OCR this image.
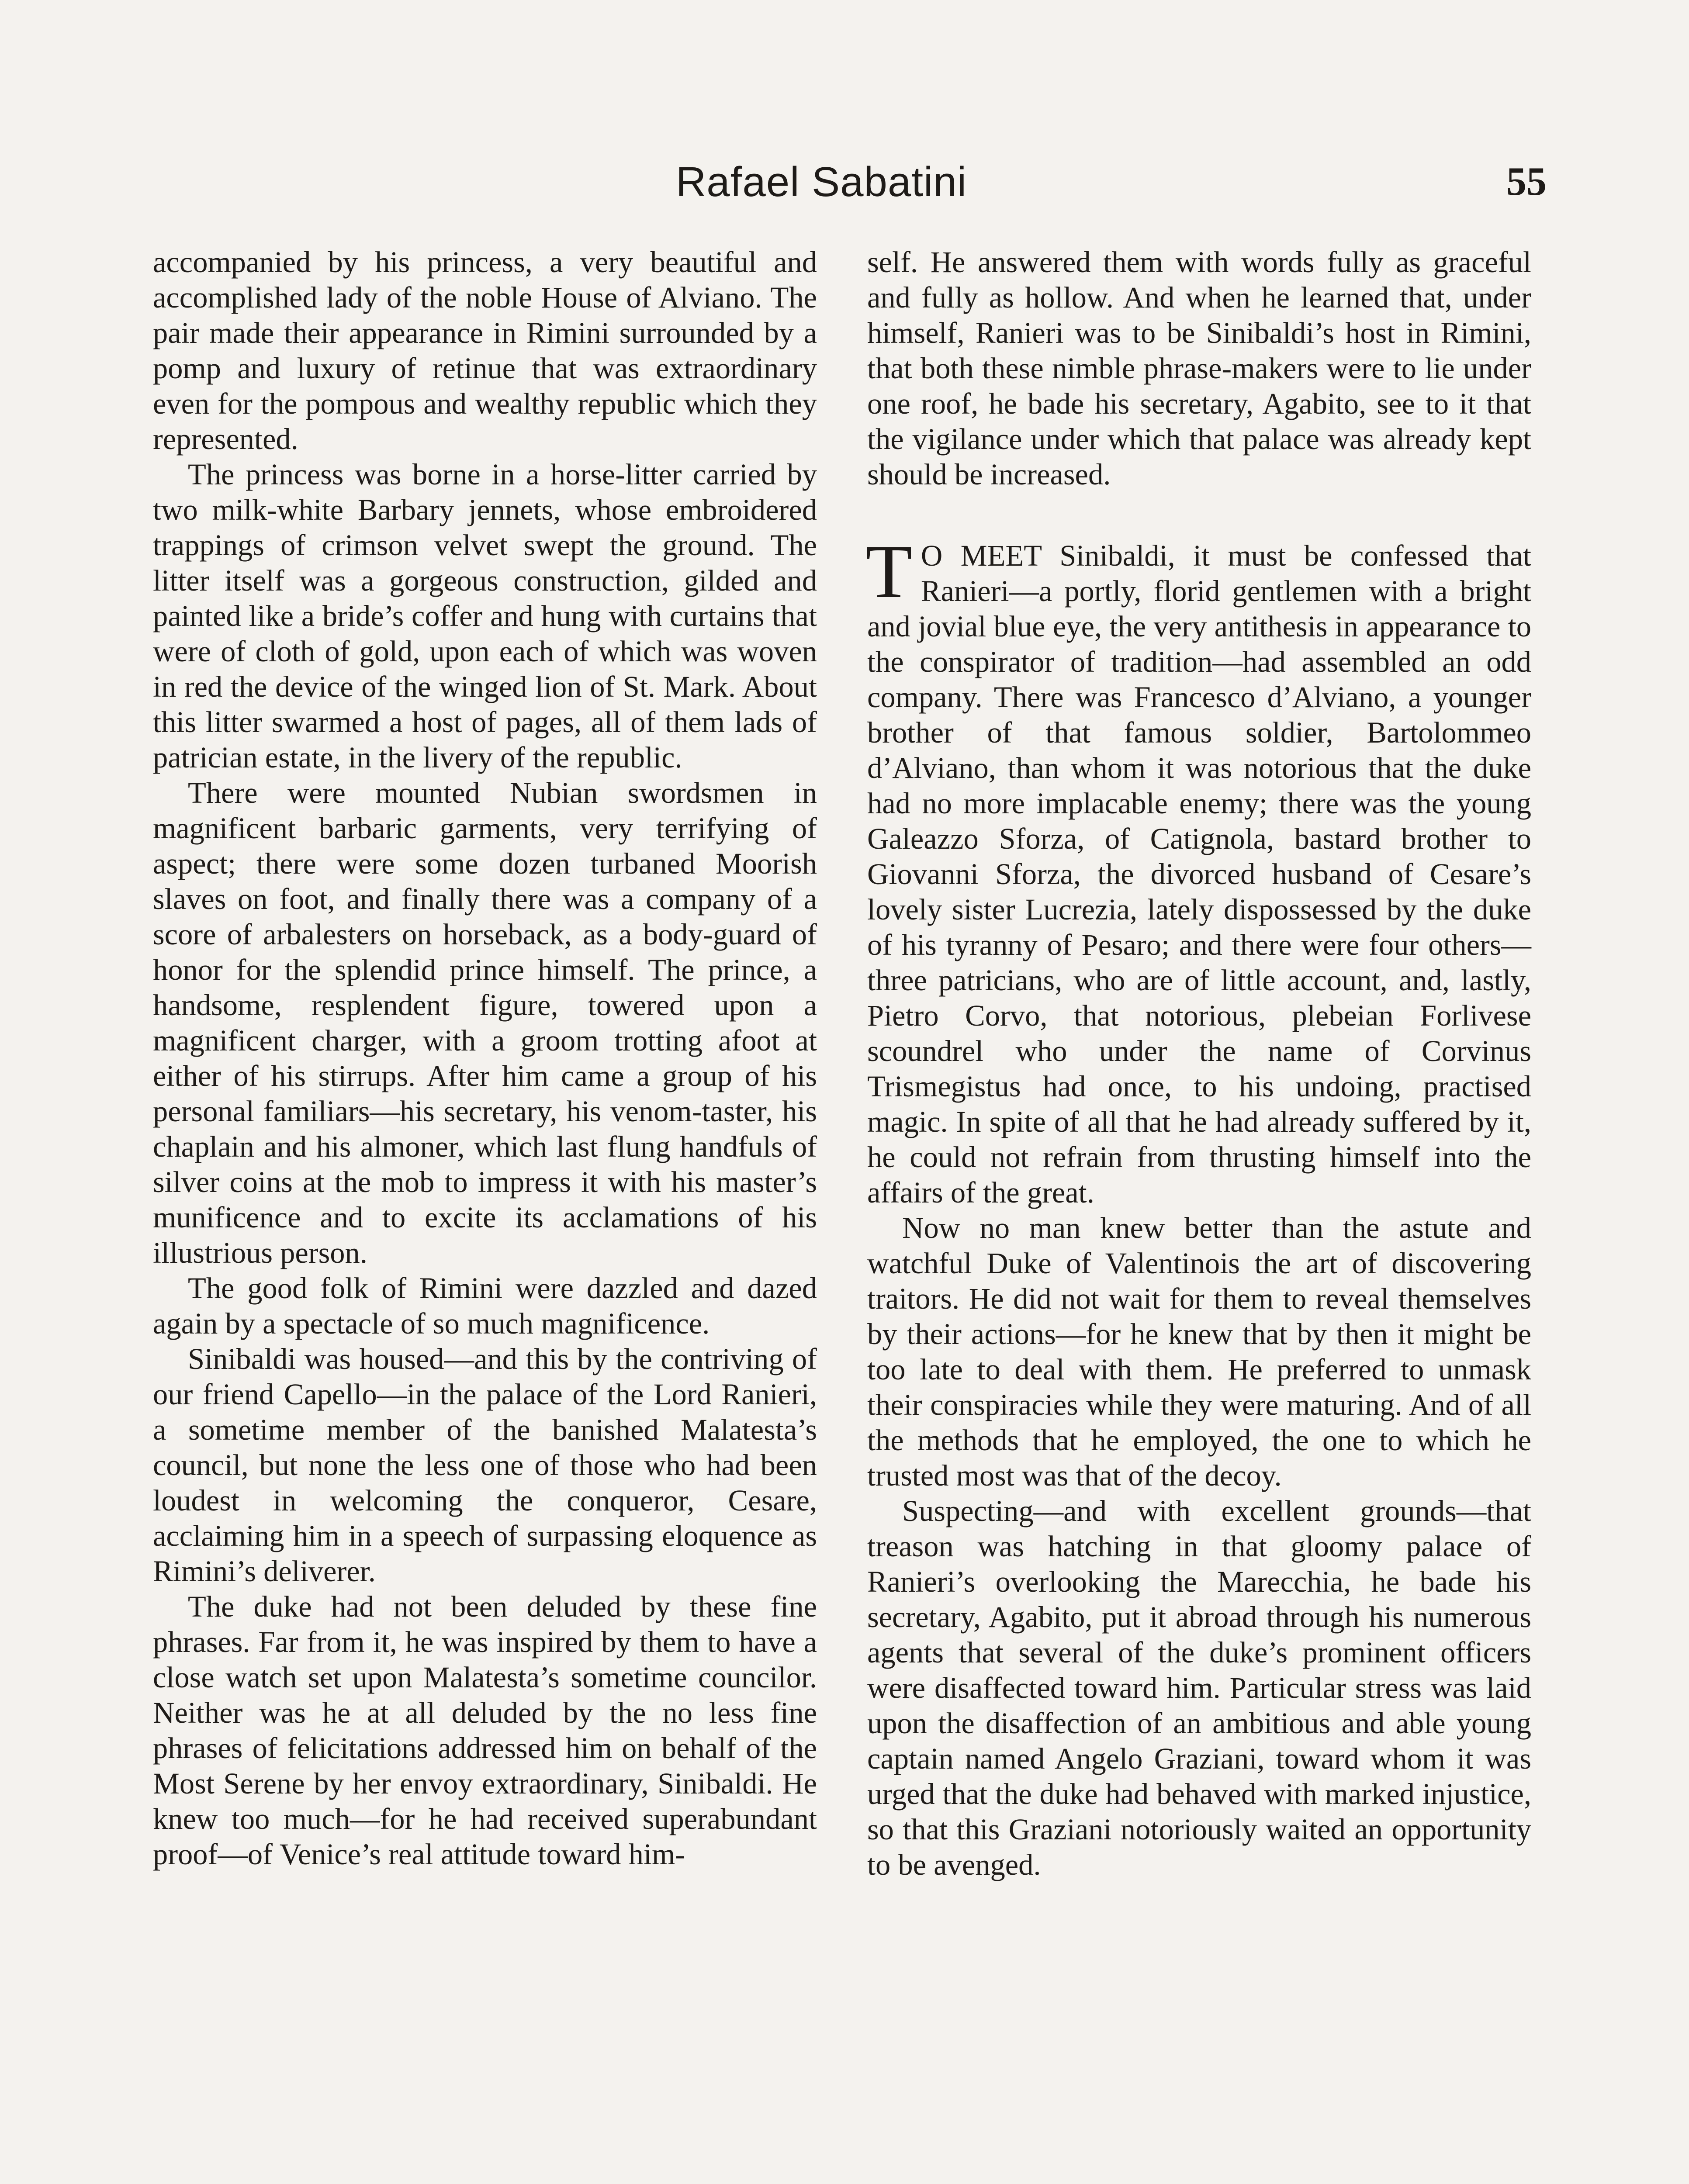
Rafael Sabatini	55

accompanied by his princess, a very beautiful and accomplished lady of the noble House of Alviano. The pair made their appearance in Rimini surrounded by a pomp and luxury of retinue that was extraordinary even for the pompous and wealthy republic which they represented.

The princess was borne in a horse-litter carried by two milk-white Barbary jennets, whose embroidered trappings of crimson velvet swept the ground. The litter itself was a gorgeous construction, gilded and painted like a bride’s coffer and hung with curtains that were of cloth of gold, upon each of which was woven in red the device of the winged lion of St. Mark. About this litter swarmed a host of pages, all of them lads of patrician estate, in the livery of the republic.

There were mounted Nubian swordsmen in magnificent barbaric garments, very terrifying of aspect; there were some dozen turbaned Moorish slaves on foot, and finally there was a company of a score of arbalesters on horseback, as a body-guard of honor for the splendid prince himself. The prince, a handsome, resplendent figure, towered upon a magnificent charger, with a groom trotting afoot at either of his stirrups. After him came a group of his personal familiars—his secretary, his venom-taster, his chaplain and his almoner, which last flung handfuls of silver coins at the mob to impress it with his master’s munificence and to excite its acclamations of his illustrious person.

The good folk of Rimini were dazzled and dazed again by a spectacle of so much magnificence.

Sinibaldi was housed—and this by the contriving of our friend Capello—in the palace of the Lord Ranieri, a sometime member of the banished Malatesta’s council, but none the less one of those who had been loudest in welcoming the conqueror, Cesare, acclaiming him in a speech of surpassing eloquence as Rimini’s deliverer.

The duke had not been deluded by these fine phrases. Far from it, he was inspired by them to have a close watch set upon Malatesta’s sometime councilor. Neither was he at all deluded by the no less fine phrases of felicitations addressed him on behalf of the Most Serene by her envoy extraordinary, Sinibaldi. He knew too much—for he had received superabundant proof—of Venice’s real attitude toward him-

self. He answered them with words fully as graceful and fully as hollow. And when he learned that, under himself, Ranieri was to be Sinibaldi’s host in Rimini, that both these nimble phrase-makers were to lie under one roof, he bade his secretary, Agabito, see to it that the vigilance under which that palace was already kept should be increased.

T O MEET Sinibaldi, it must be confessed that Ranieri—a portly, florid gentlemen with a bright and jovial blue eye, the very antithesis in appearance to the conspirator of tradition—had assembled an odd company. There was Francesco d’Alviano, a younger brother of that famous soldier, Bartolommeo d’Alviano, than whom it was notorious that the duke had no more implacable enemy; there was the young Galeazzo Sforza, of Catignola, bastard brother to Giovanni Sforza, the divorced husband of Cesare’s lovely sister Lucrezia, lately dispossessed by the duke of his tyranny of Pesaro; and there were four others—three patricians, who are of little account, and, lastly, Pietro Corvo, that notorious, plebeian Forlivese scoundrel who under the name of Corvinus Trismegistus had once, to his undoing, practised magic. In spite of all that he had already suffered by it, he could not refrain from thrusting himself into the affairs of the great.

Now no man knew better than the astute and watchful Duke of Valentinois the art of discovering traitors. He did not wait for them to reveal themselves by their actions—for he knew that by then it might be too late to deal with them. He preferred to unmask their conspiracies while they were maturing. And of all the methods that he employed, the one to which he trusted most was that of the decoy.

Suspecting—and with excellent grounds—that treason was hatching in that gloomy palace of Ranieri’s overlooking the Marecchia, he bade his secretary, Agabito, put it abroad through his numerous agents that several of the duke’s prominent officers were disaffected toward him. Particular stress was laid upon the disaffection of an ambitious and able young captain named Angelo Graziani, toward whom it was urged that the duke had behaved with marked injustice, so that this Graziani notoriously waited an opportunity to be avenged.
